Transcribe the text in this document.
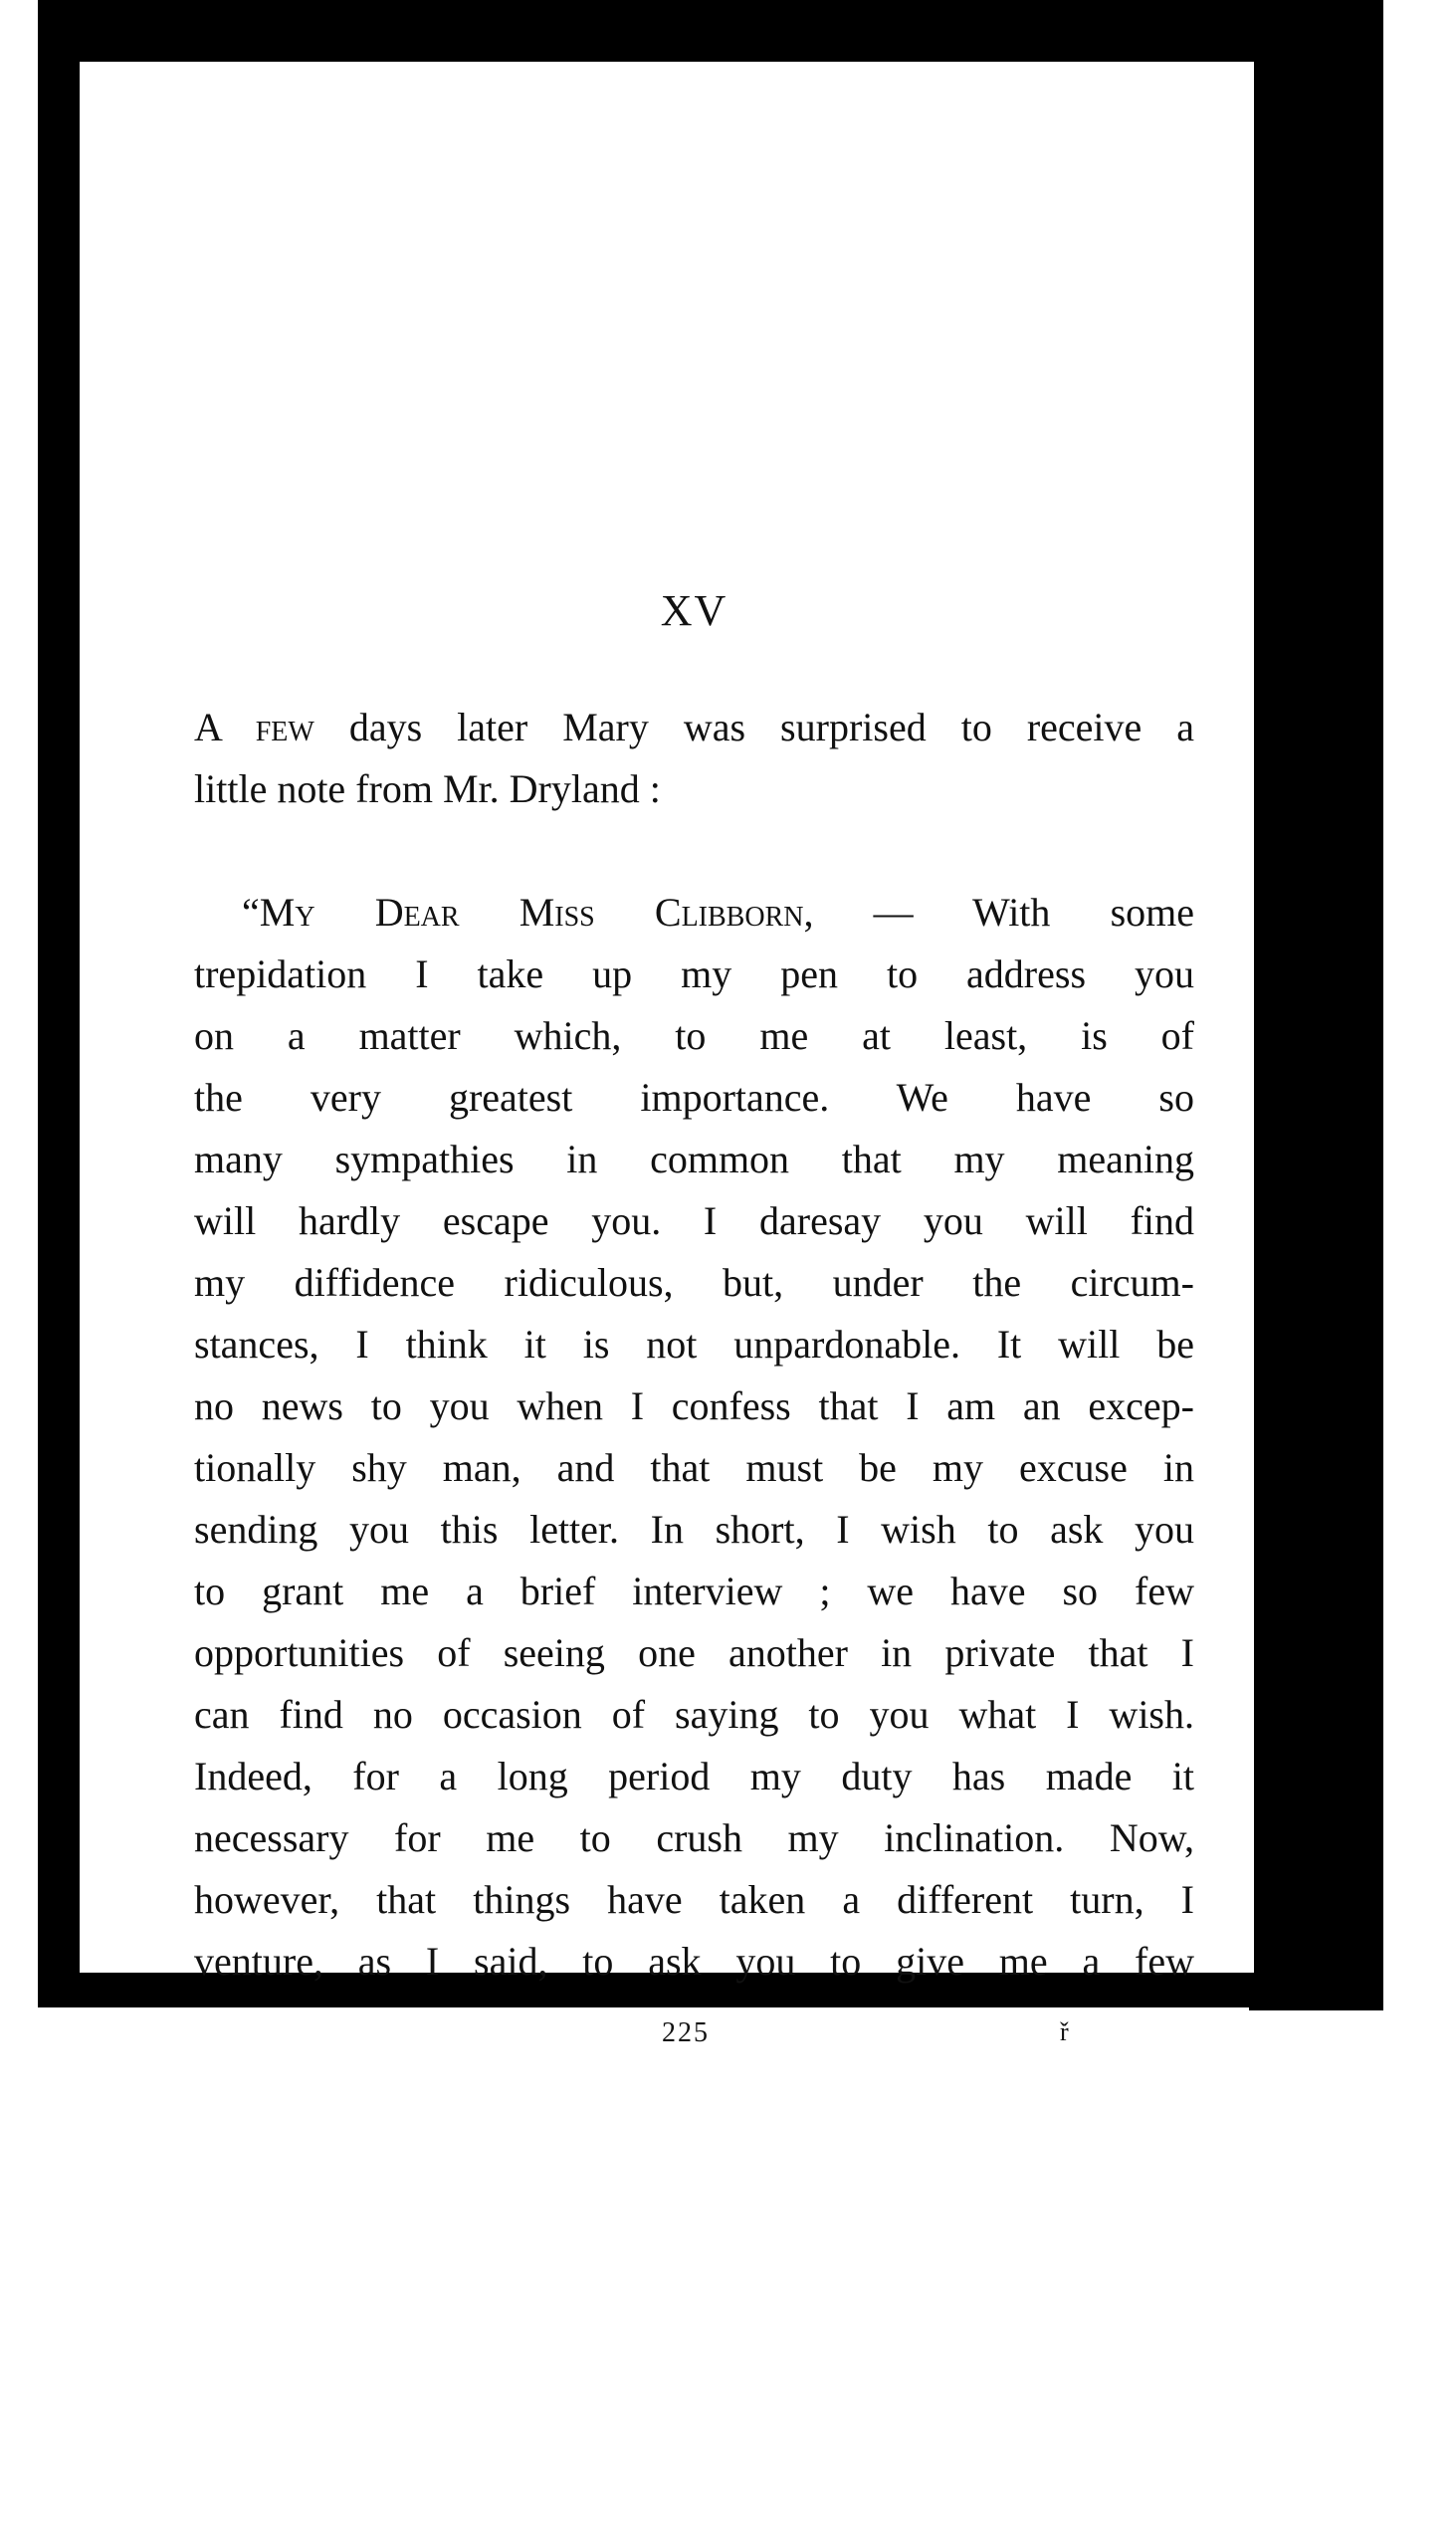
XV
A few days later Mary was surprised to receive a
little note from Mr. Dryland :
“My Dear Miss Clibborn, — With some
trepidation I take up my pen to address you
on a matter which, to me at least, is of
the very greatest importance. We have so
many sympathies in common that my meaning
will hardly escape you. I daresay you will find
my diffidence ridiculous, but, under the circum-
stances, I think it is not unpardonable. It will be
no news to you when I confess that I am an excep-
tionally shy man, and that must be my excuse in
sending you this letter. In short, I wish to ask you
to grant me a brief interview ; we have so few
opportunities of seeing one another in private that I
can find no occasion of saying to you what I wish.
Indeed, for a long period my duty has made it
necessary for me to crush my inclination. Now,
however, that things have taken a different turn, I
venture, as I said, to ask you to give me a few
225	ř
